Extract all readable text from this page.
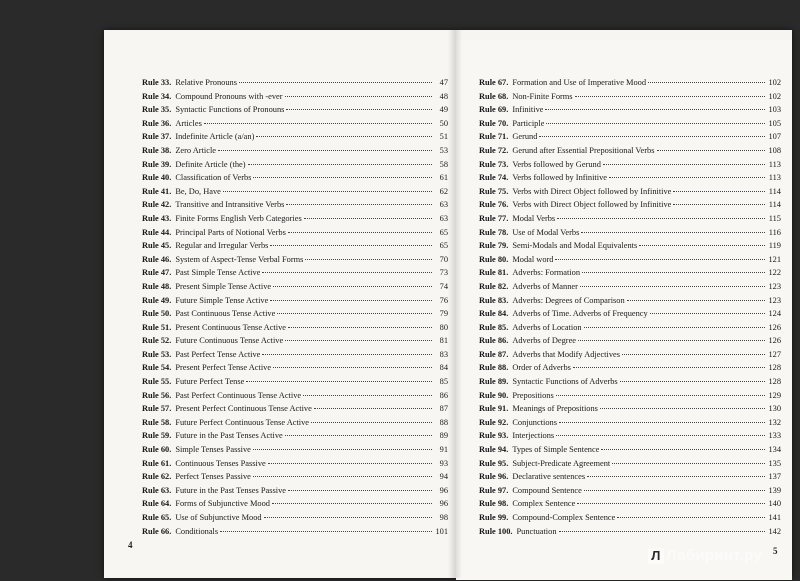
Rule 33. Relative Pronouns	47
Rule 34. Compound Pronouns with -ever	48
Rule 35. Syntactic Functions of Pronouns	49
Rule 36. Articles	50
Rule 37. Indefinite Article (a/an)	51
Rule 38. Zero Article	53
Rule 39. Definite Article (the)	58
Rule 40. Classification of Verbs	61
Rule 41. Be, Do, Have	62
Rule 42. Transitive and Intransitive Verbs	63
Rule 43. Finite Forms English Verb Categories	63
Rule 44. Principal Parts of Notional Verbs	65
Rule 45. Regular and Irregular Verbs	65
Rule 46. System of Aspect-Tense Verbal Forms	70
Rule 47. Past Simple Tense Active	73
Rule 48. Present Simple Tense Active	74
Rule 49. Future Simple Tense Active	76
Rule 50. Past Continuous Tense Active	79
Rule 51. Present Continuous Tense Active	80
Rule 52. Future Continuous Tense Active	81
Rule 53. Past Perfect Tense Active	83
Rule 54. Present Perfect Tense Active	84
Rule 55. Future Perfect Tense	85
Rule 56. Past Perfect Continuous Tense Active	86
Rule 57. Present Perfect Continuous Tense Active	87
Rule 58. Future Perfect Continuous Tense Active	88
Rule 59. Future in the Past Tenses Active	89
Rule 60. Simple Tenses Passive	91
Rule 61. Continuous Tenses Passive	93
Rule 62. Perfect Tenses Passive	94
Rule 63. Future in the Past Tenses Passive	96
Rule 64. Forms of Subjunctive Mood	96
Rule 65. Use of Subjunctive Mood	98
Rule 66. Conditionals	101
Rule 67. Formation and Use of Imperative Mood	102
Rule 68. Non-Finite Forms	102
Rule 69. Infinitive	103
Rule 70. Participle	105
Rule 71. Gerund	107
Rule 72. Gerund after Essential Prepositional Verbs	108
Rule 73. Verbs followed by Gerund	113
Rule 74. Verbs followed by Infinitive	113
Rule 75. Verbs with Direct Object followed by Infinitive	114
Rule 76. Verbs with Direct Object followed by Infinitive	114
Rule 77. Modal Verbs	115
Rule 78. Use of Modal Verbs	116
Rule 79. Semi-Modals and Modal Equivalents	119
Rule 80. Modal word	121
Rule 81. Adverbs: Formation	122
Rule 82. Adverbs of Manner	123
Rule 83. Adverbs: Degrees of Comparison	123
Rule 84. Adverbs of Time. Adverbs of Frequency	124
Rule 85. Adverbs of Location	126
Rule 86. Adverbs of Degree	126
Rule 87. Adverbs that Modify Adjectives	127
Rule 88. Order of Adverbs	128
Rule 89. Syntactic Functions of Adverbs	128
Rule 90. Prepositions	129
Rule 91. Meanings of Prepositions	130
Rule 92. Conjunctions	132
Rule 93. Interjections	133
Rule 94. Types of Simple Sentence	134
Rule 95. Subject-Predicate Agreement	135
Rule 96. Declarative sentences	137
Rule 97. Compound Sentence	139
Rule 98. Complex Sentence	140
Rule 99. Compound-Complex Sentence	141
Rule 100. Punctuation	142
4
5
Л Лабиринт.ру
